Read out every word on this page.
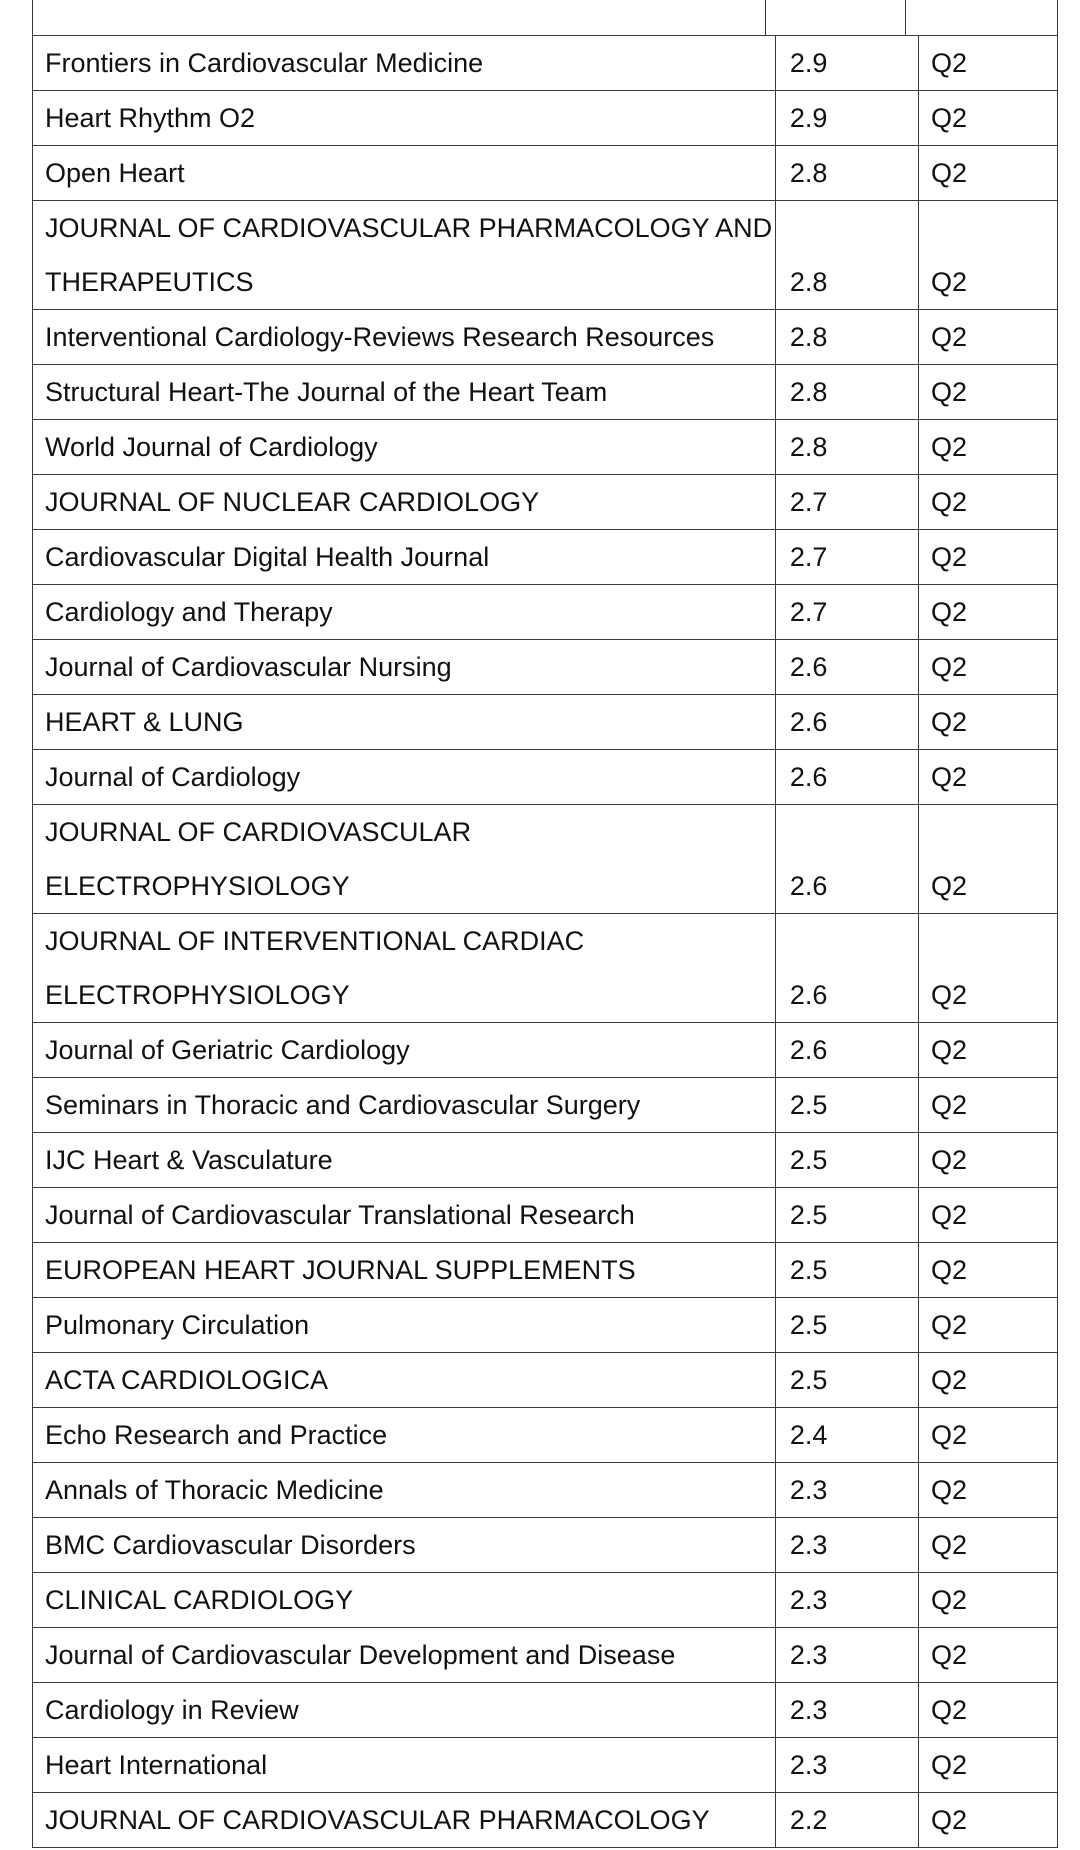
Frontiers in Cardiovascular Medicine	2.9	Q2

Heart Rhythm O2	2.9	Q2

Open Heart	2.8	Q2

JOURNAL OF CARDIOVASCULAR PHARMACOLOGY AND
THERAPEUTICS	2.8	Q2

Interventional Cardiology-Reviews Research Resources	2.8	Q2

Structural Heart-The Journal of the Heart Team	2.8	Q2

World Journal of Cardiology	2.8	Q2

JOURNAL OF NUCLEAR CARDIOLOGY	2.7	Q2

Cardiovascular Digital Health Journal	2.7	Q2

Cardiology and Therapy	2.7	Q2

Journal of Cardiovascular Nursing	2.6	Q2

HEART & LUNG	2.6	Q2

Journal of Cardiology	2.6	Q2

JOURNAL OF CARDIOVASCULAR ELECTROPHYSIOLOGY	2.6	Q2

JOURNAL OF INTERVENTIONAL CARDIAC
ELECTROPHYSIOLOGY	2.6	Q2

Journal of Geriatric Cardiology	2.6	Q2

Seminars in Thoracic and Cardiovascular Surgery	2.5	Q2

IJC Heart & Vasculature	2.5	Q2

Journal of Cardiovascular Translational Research	2.5	Q2

EUROPEAN HEART JOURNAL SUPPLEMENTS	2.5	Q2

Pulmonary Circulation	2.5	Q2

ACTA CARDIOLOGICA	2.5	Q2

Echo Research and Practice	2.4	Q2

Annals of Thoracic Medicine	2.3	Q2

BMC Cardiovascular Disorders	2.3	Q2

CLINICAL CARDIOLOGY	2.3	Q2

Journal of Cardiovascular Development and Disease	2.3	Q2

Cardiology in Review	2.3	Q2

Heart International	2.3	Q2

JOURNAL OF CARDIOVASCULAR PHARMACOLOGY	2.2	Q2
